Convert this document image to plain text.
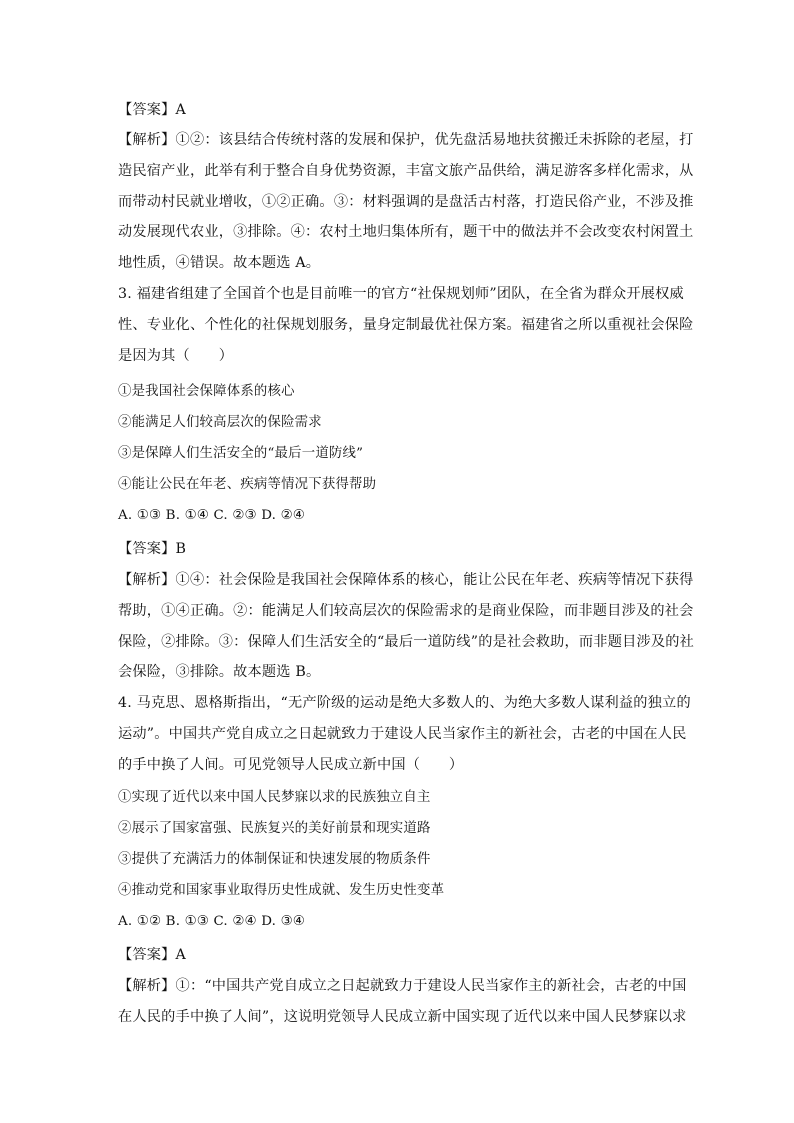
【答案】A
【解析】①②：该县结合传统村落的发展和保护，优先盘活易地扶贫搬迁未拆除的老屋，打
造民宿产业，此举有利于整合自身优势资源，丰富文旅产品供给，满足游客多样化需求，从
而带动村民就业增收，①②正确。③：材料强调的是盘活古村落，打造民俗产业，不涉及推
动发展现代农业，③排除。④：农村土地归集体所有，题干中的做法并不会改变农村闲置土
地性质，④错误。故本题选 A。
3. 福建省组建了全国首个也是目前唯一的官方“社保规划师”团队，在全省为群众开展权威
性、专业化、个性化的社保规划服务，量身定制最优社保方案。福建省之所以重视社会保险
是因为其（　　）
①是我国社会保障体系的核心
②能满足人们较高层次的保险需求
③是保障人们生活安全的“最后一道防线”
④能让公民在年老、疾病等情况下获得帮助
A. ①③ B. ①④ C. ②③ D. ②④
【答案】B
【解析】①④：社会保险是我国社会保障体系的核心，能让公民在年老、疾病等情况下获得
帮助，①④正确。②：能满足人们较高层次的保险需求的是商业保险，而非题目涉及的社会
保险，②排除。③：保障人们生活安全的“最后一道防线”的是社会救助，而非题目涉及的社
会保险，③排除。故本题选 B。
4. 马克思、恩格斯指出，“无产阶级的运动是绝大多数人的、为绝大多数人谋利益的独立的
运动”。中国共产党自成立之日起就致力于建设人民当家作主的新社会，古老的中国在人民
的手中换了人间。可见党领导人民成立新中国（　　）
①实现了近代以来中国人民梦寐以求的民族独立自主
②展示了国家富强、民族复兴的美好前景和现实道路
③提供了充满活力的体制保证和快速发展的物质条件
④推动党和国家事业取得历史性成就、发生历史性变革
A. ①② B. ①③ C. ②④ D. ③④
【答案】A
【解析】①：“中国共产党自成立之日起就致力于建设人民当家作主的新社会，古老的中国
在人民的手中换了人间”，这说明党领导人民成立新中国实现了近代以来中国人民梦寐以求
